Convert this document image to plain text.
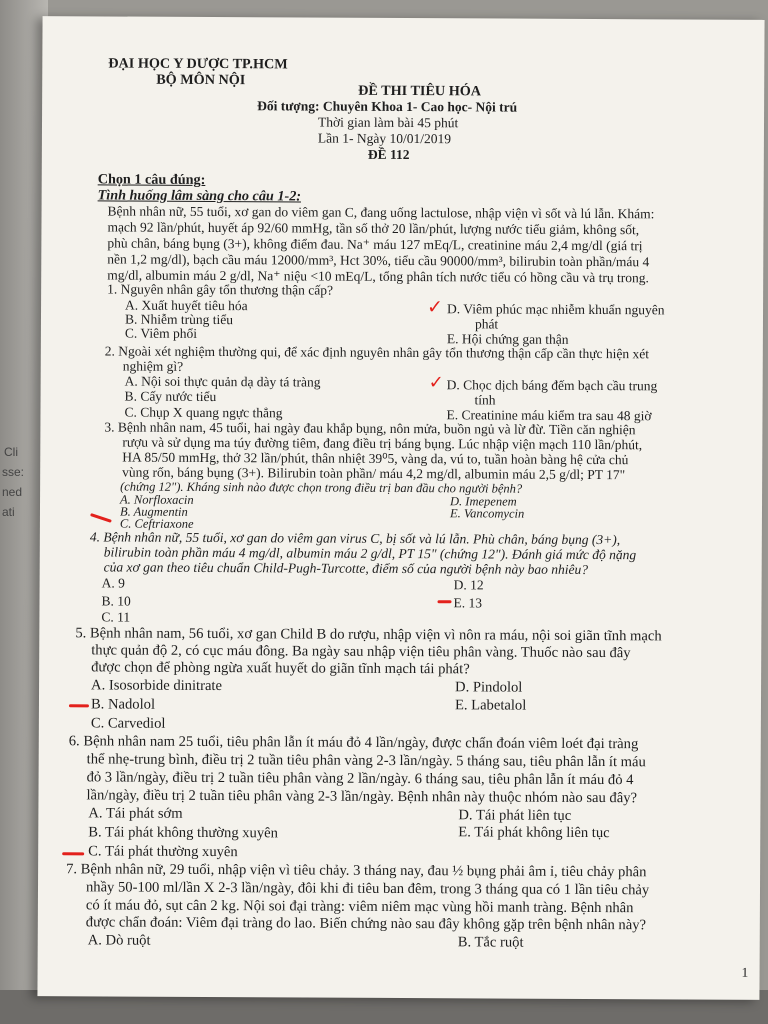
Cli
sse:
ned
ati
ĐẠI HỌC Y DƯỢC TP.HCM
BỘ MÔN NỘI
ĐỀ THI TIÊU HÓA
Đối tượng: Chuyên Khoa 1- Cao học- Nội trú
Thời gian làm bài 45 phút
Lần 1- Ngày 10/01/2019
ĐỀ 112
Chọn 1 câu đúng:
Tình huống lâm sàng cho câu 1-2:
Bệnh nhân nữ, 55 tuổi, xơ gan do viêm gan C, đang uống lactulose, nhập viện vì sốt và lú lẫn. Khám:
mạch 92 lần/phút, huyết áp 92/60 mmHg, tần số thở 20 lần/phút, lượng nước tiểu giảm, không sốt,
phù chân, báng bụng (3+), không điểm đau. Na⁺ máu 127 mEq/L, creatinine máu 2,4 mg/dl (giá trị
nền 1,2 mg/dl), bạch cầu máu 12000/mm³, Hct 30%, tiểu cầu 90000/mm³, bilirubin toàn phần/máu 4
mg/dl, albumin máu 2 g/dl, Na⁺ niệu <10 mEq/L, tổng phân tích nước tiểu có hồng cầu và trụ trong.
1. Nguyên nhân gây tổn thương thận cấp?
A. Xuất huyết tiêu hóa
B. Nhiễm trùng tiểu
C. Viêm phổi
D. Viêm phúc mạc nhiễm khuẩn nguyên
phát
E. Hội chứng gan thận
✓
2. Ngoài xét nghiệm thường qui, để xác định nguyên nhân gây tổn thương thận cấp cần thực hiện xét
nghiệm gì?
A. Nội soi thực quản dạ dày tá tràng
B. Cấy nước tiểu
C. Chụp X quang ngực thẳng
D. Chọc dịch báng đếm bạch cầu trung
tính
E. Creatinine máu kiểm tra sau 48 giờ
✓
3. Bệnh nhân nam, 45 tuổi, hai ngày đau khắp bụng, nôn mửa, buồn ngủ và lừ đừ. Tiền căn nghiện
rượu và sử dụng ma túy đường tiêm, đang điều trị báng bụng. Lúc nhập viện mạch 110 lần/phút,
HA 85/50 mmHg, thở 32 lần/phút, thân nhiệt 39⁰5, vàng da, vú to, tuần hoàn bàng hệ cửa chủ
vùng rốn, báng bụng (3+). Bilirubin toàn phần/ máu 4,2 mg/dl, albumin máu 2,5 g/dl; PT 17"
(chứng 12"). Kháng sinh nào được chọn trong điều trị ban đầu cho người bệnh?
A. Norfloxacin
B. Augmentin
C. Ceftriaxone
D. Imepenem
E. Vancomycin
4. Bệnh nhân nữ, 55 tuổi, xơ gan do viêm gan virus C, bị sốt và lú lẫn. Phù chân, báng bụng (3+),
bilirubin toàn phần máu 4 mg/dl, albumin máu 2 g/dl, PT 15" (chứng 12"). Đánh giá mức độ nặng
của xơ gan theo tiêu chuẩn Child-Pugh-Turcotte, điểm số của người bệnh này bao nhiêu?
A. 9
B. 10
C. 11
D. 12
E. 13
5. Bệnh nhân nam, 56 tuổi, xơ gan Child B do rượu, nhập viện vì nôn ra máu, nội soi giãn tĩnh mạch
thực quản độ 2, có cục máu đông. Ba ngày sau nhập viện tiêu phân vàng. Thuốc nào sau đây
được chọn để phòng ngừa xuất huyết do giãn tĩnh mạch tái phát?
A. Isosorbide dinitrate
B. Nadolol
C. Carvediol
D. Pindolol
E. Labetalol
6. Bệnh nhân nam 25 tuổi, tiêu phân lẫn ít máu đỏ 4 lần/ngày, được chẩn đoán viêm loét đại tràng
thể nhẹ-trung bình, điều trị 2 tuần tiêu phân vàng 2-3 lần/ngày. 5 tháng sau, tiêu phân lẫn ít máu
đỏ 3 lần/ngày, điều trị 2 tuần tiêu phân vàng 2 lần/ngày. 6 tháng sau, tiêu phân lẫn ít máu đỏ 4
lần/ngày, điều trị 2 tuần tiêu phân vàng 2-3 lần/ngày. Bệnh nhân này thuộc nhóm nào sau đây?
A. Tái phát sớm
B. Tái phát không thường xuyên
C. Tái phát thường xuyên
D. Tái phát liên tục
E. Tái phát không liên tục
7. Bệnh nhân nữ, 29 tuổi, nhập viện vì tiêu chảy. 3 tháng nay, đau ½ bụng phải âm ỉ, tiêu chảy phân
nhầy 50-100 ml/lần X 2-3 lần/ngày, đôi khi đi tiêu ban đêm, trong 3 tháng qua có 1 lần tiêu chảy
có ít máu đỏ, sụt cân 2 kg. Nội soi đại tràng: viêm niêm mạc vùng hồi manh tràng. Bệnh nhân
được chẩn đoán: Viêm đại tràng do lao. Biến chứng nào sau đây không gặp trên bệnh nhân này?
A. Dò ruột	B. Tắc ruột
1
